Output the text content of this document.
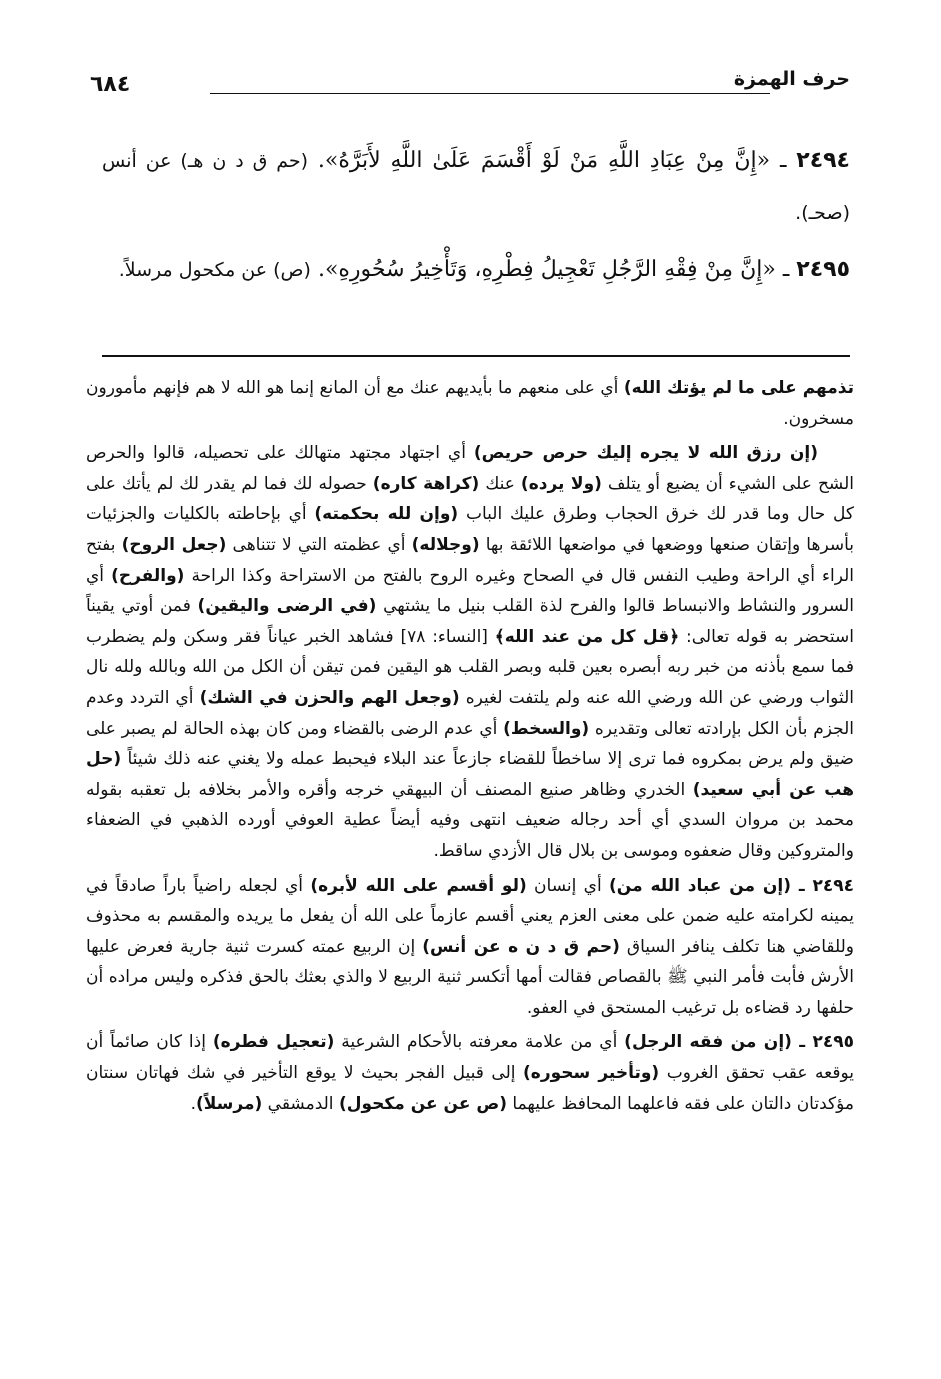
حرف الهمزة
٦٨٤

٢٤٩٤ ـ «إِنَّ مِنْ عِبَادِ اللَّهِ مَنْ لَوْ أَقْسَمَ عَلَىٰ اللَّهِ لأَبَرَّهُ». (حم ق د ن هـ) عن أنس (صحـ).

٢٤٩٥ ـ «إِنَّ مِنْ فِقْهِ الرَّجُلِ تَعْجِيلُ فِطْرِهِ، وَتَأْخِيرُ سُحُورِهِ». (ص) عن مكحول مرسلاً.

تذمهم على ما لم يؤتك الله) أي على منعهم ما بأيديهم عنك مع أن المانع إنما هو الله لا هم فإنهم مأمورون مسخرون.

(إن رزق الله لا يجره إليك حرص حريص) أي اجتهاد مجتهد متهالك على تحصيله، قالوا والحرص الشح على الشيء أن يضيع أو يتلف (ولا يرده) عنك (كراهة كاره) حصوله لك فما لم يقدر لك لم يأتك على كل حال وما قدر لك خرق الحجاب وطرق عليك الباب (وإن لله بحكمته) أي بإحاطته بالكليات والجزئيات بأسرها وإتقان صنعها ووضعها في مواضعها اللائقة بها (وجلاله) أي عظمته التي لا تتناهى (جعل الروح) بفتح الراء أي الراحة وطيب النفس قال في الصحاح وغيره الروح بالفتح من الاستراحة وكذا الراحة (والفرح) أي السرور والنشاط والانبساط قالوا والفرح لذة القلب بنيل ما يشتهي (في الرضى واليقين) فمن أوتي يقيناً استحضر به قوله تعالى: ﴿قل كل من عند الله﴾ [النساء: ٧٨] فشاهد الخبر عياناً فقر وسكن ولم يضطرب فما سمع بأذنه من خبر ربه أبصره بعين قلبه وبصر القلب هو اليقين فمن تيقن أن الكل من الله وبالله ولله نال الثواب ورضي عن الله ورضي الله عنه ولم يلتفت لغيره (وجعل الهم والحزن في الشك) أي التردد وعدم الجزم بأن الكل بإرادته تعالى وتقديره (والسخط) أي عدم الرضى بالقضاء ومن كان بهذه الحالة لم يصبر على ضيق ولم يرض بمكروه فما ترى إلا ساخطاً للقضاء جازعاً عند البلاء فيحبط عمله ولا يغني عنه ذلك شيئاً (حل هب عن أبي سعيد) الخدري وظاهر صنيع المصنف أن البيهقي خرجه وأقره والأمر بخلافه بل تعقبه بقوله محمد بن مروان السدي أي أحد رجاله ضعيف انتهى وفيه أيضاً عطية العوفي أورده الذهبي في الضعفاء والمتروكين وقال ضعفوه وموسى بن بلال قال الأزدي ساقط.

٢٤٩٤ ـ (إن من عباد الله من) أي إنسان (لو أقسم على الله لأبره) أي لجعله راضياً باراً صادقاً في يمينه لكرامته عليه ضمن على معنى العزم يعني أقسم عازماً على الله أن يفعل ما يريده والمقسم به محذوف وللقاضي هنا تكلف ينافر السياق (حم ق د ن ه عن أنس) إن الربيع عمته كسرت ثنية جارية فعرض عليها الأرش فأبت فأمر النبي ﷺ بالقصاص فقالت أمها أتكسر ثنية الربيع لا والذي بعثك بالحق فذكره وليس مراده أن حلفها رد قضاءه بل ترغيب المستحق في العفو.

٢٤٩٥ ـ (إن من فقه الرجل) أي من علامة معرفته بالأحكام الشرعية (تعجيل فطره) إذا كان صائماً أن يوقعه عقب تحقق الغروب (وتأخير سحوره) إلى قبيل الفجر بحيث لا يوقع التأخير في شك فهاتان سنتان مؤكدتان دالتان على فقه فاعلهما المحافظ عليهما (ص عن عن مكحول) الدمشقي (مرسلاً).
